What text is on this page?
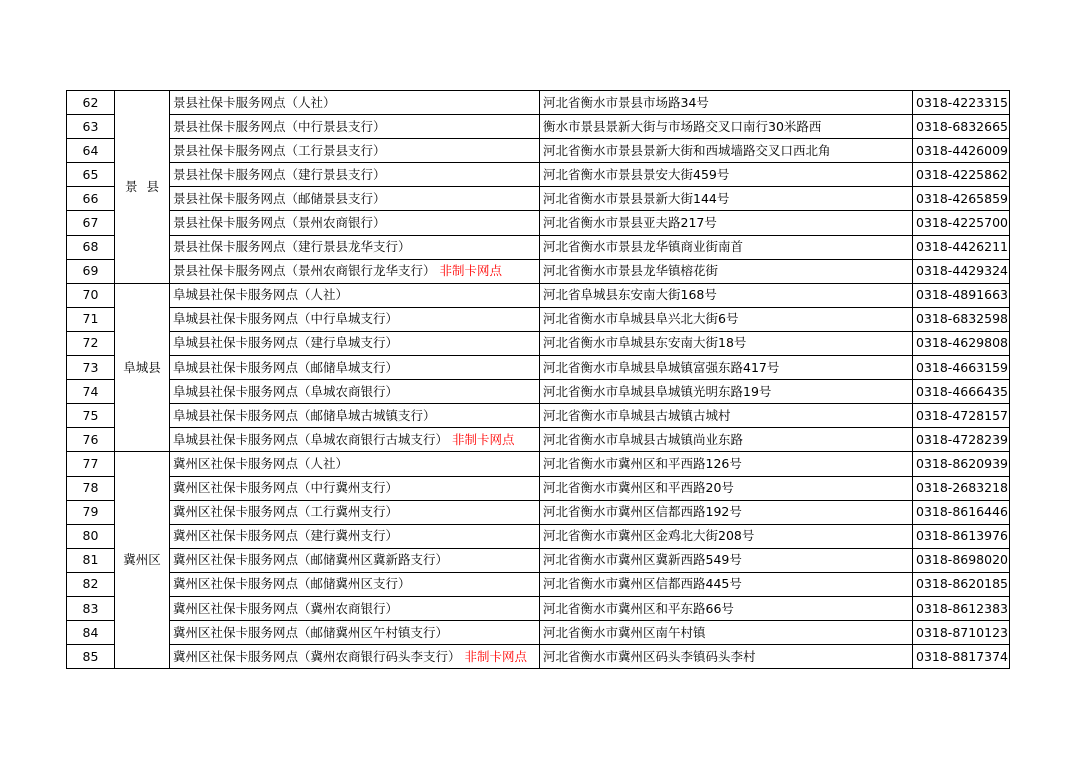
62	景县	景县社保卡服务网点（人社）	河北省衡水市景县市场路34号	0318-4223315
63		景县社保卡服务网点（中行景县支行）	衡水市景县景新大街与市场路交叉口南行30米路西	0318-6832665
64		景县社保卡服务网点（工行景县支行）	河北省衡水市景县景新大街和西城墙路交叉口西北角	0318-4426009
65		景县社保卡服务网点（建行景县支行）	河北省衡水市景县景安大街459号	0318-4225862
66		景县社保卡服务网点（邮储景县支行）	河北省衡水市景县景新大街144号	0318-4265859
67		景县社保卡服务网点（景州农商银行）	河北省衡水市景县亚夫路217号	0318-4225700
68		景县社保卡服务网点（建行景县龙华支行）	河北省衡水市景县龙华镇商业街南首	0318-4426211
69		景县社保卡服务网点（景州农商银行龙华支行） 非制卡网点	河北省衡水市景县龙华镇榕花街	0318-4429324
70	阜城县	阜城县社保卡服务网点（人社）	河北省阜城县东安南大街168号	0318-4891663
71		阜城县社保卡服务网点（中行阜城支行）	河北省衡水市阜城县阜兴北大街6号	0318-6832598
72		阜城县社保卡服务网点（建行阜城支行）	河北省衡水市阜城县东安南大街18号	0318-4629808
73		阜城县社保卡服务网点（邮储阜城支行）	河北省衡水市阜城县阜城镇富强东路417号	0318-4663159
74		阜城县社保卡服务网点（阜城农商银行）	河北省衡水市阜城县阜城镇光明东路19号	0318-4666435
75		阜城县社保卡服务网点（邮储阜城古城镇支行）	河北省衡水市阜城县古城镇古城村	0318-4728157
76		阜城县社保卡服务网点（阜城农商银行古城支行） 非制卡网点	河北省衡水市阜城县古城镇尚业东路	0318-4728239
77	冀州区	冀州区社保卡服务网点（人社）	河北省衡水市冀州区和平西路126号	0318-8620939
78		冀州区社保卡服务网点（中行冀州支行）	河北省衡水市冀州区和平西路20号	0318-2683218
79		冀州区社保卡服务网点（工行冀州支行）	河北省衡水市冀州区信都西路192号	0318-8616446
80		冀州区社保卡服务网点（建行冀州支行）	河北省衡水市冀州区金鸡北大街208号	0318-8613976
81		冀州区社保卡服务网点（邮储冀州区冀新路支行）	河北省衡水市冀州区冀新西路549号	0318-8698020
82		冀州区社保卡服务网点（邮储冀州区支行）	河北省衡水市冀州区信都西路445号	0318-8620185
83		冀州区社保卡服务网点（冀州农商银行）	河北省衡水市冀州区和平东路66号	0318-8612383
84		冀州区社保卡服务网点（邮储冀州区午村镇支行）	河北省衡水市冀州区南午村镇	0318-8710123
85		冀州区社保卡服务网点（冀州农商银行码头李支行） 非制卡网点	河北省衡水市冀州区码头李镇码头李村	0318-8817374
